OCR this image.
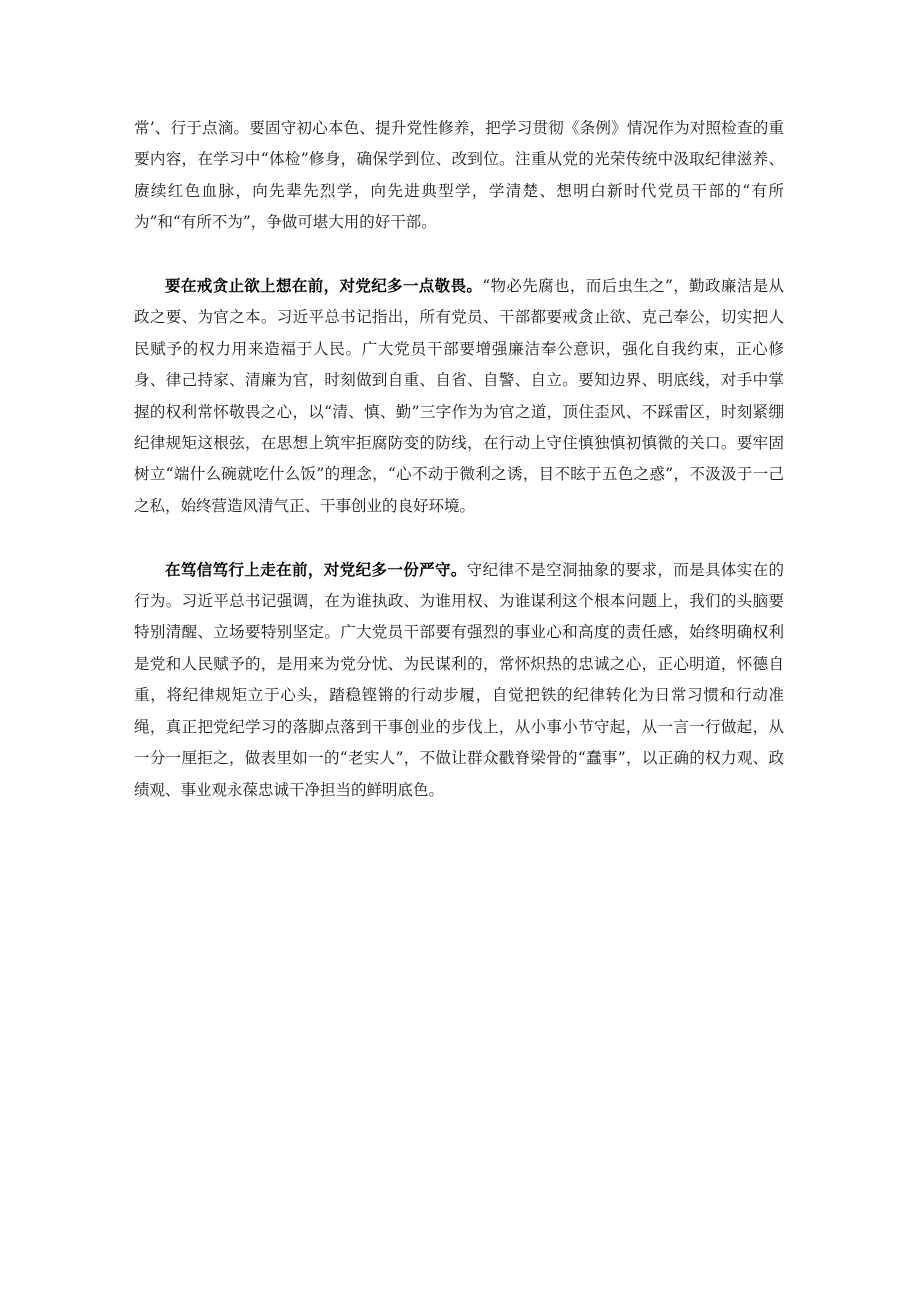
常’、行于点滴。要固守初心本色、提升党性修养，把学习贯彻《条例》情况作为对照检查的重要内容，在学习中“体检”修身，确保学到位、改到位。注重从党的光荣传统中汲取纪律滋养、赓续红色血脉，向先辈先烈学，向先进典型学，学清楚、想明白新时代党员干部的“有所为”和“有所不为”，争做可堪大用的好干部。

要在戒贪止欲上想在前，对党纪多一点敬畏。“物必先腐也，而后虫生之”，勤政廉洁是从政之要、为官之本。习近平总书记指出，所有党员、干部都要戒贪止欲、克己奉公，切实把人民赋予的权力用来造福于人民。广大党员干部要增强廉洁奉公意识，强化自我约束，正心修身、律己持家、清廉为官，时刻做到自重、自省、自警、自立。要知边界、明底线，对手中掌握的权利常怀敬畏之心，以“清、慎、勤”三字作为为官之道，顶住歪风、不踩雷区，时刻紧绷纪律规矩这根弦，在思想上筑牢拒腐防变的防线，在行动上守住慎独慎初慎微的关口。要牢固树立“端什么碗就吃什么饭”的理念，“心不动于微利之诱，目不眩于五色之惑”，不汲汲于一己之私，始终营造风清气正、干事创业的良好环境。

在笃信笃行上走在前，对党纪多一份严守。守纪律不是空洞抽象的要求，而是具体实在的行为。习近平总书记强调，在为谁执政、为谁用权、为谁谋利这个根本问题上，我们的头脑要特别清醒、立场要特别坚定。广大党员干部要有强烈的事业心和高度的责任感，始终明确权利是党和人民赋予的，是用来为党分忧、为民谋利的，常怀炽热的忠诚之心，正心明道，怀德自重，将纪律规矩立于心头，踏稳铿锵的行动步履，自觉把铁的纪律转化为日常习惯和行动准绳，真正把党纪学习的落脚点落到干事创业的步伐上，从小事小节守起，从一言一行做起，从一分一厘拒之，做表里如一的“老实人”，不做让群众戳脊梁骨的“蠢事”，以正确的权力观、政绩观、事业观永葆忠诚干净担当的鲜明底色。
